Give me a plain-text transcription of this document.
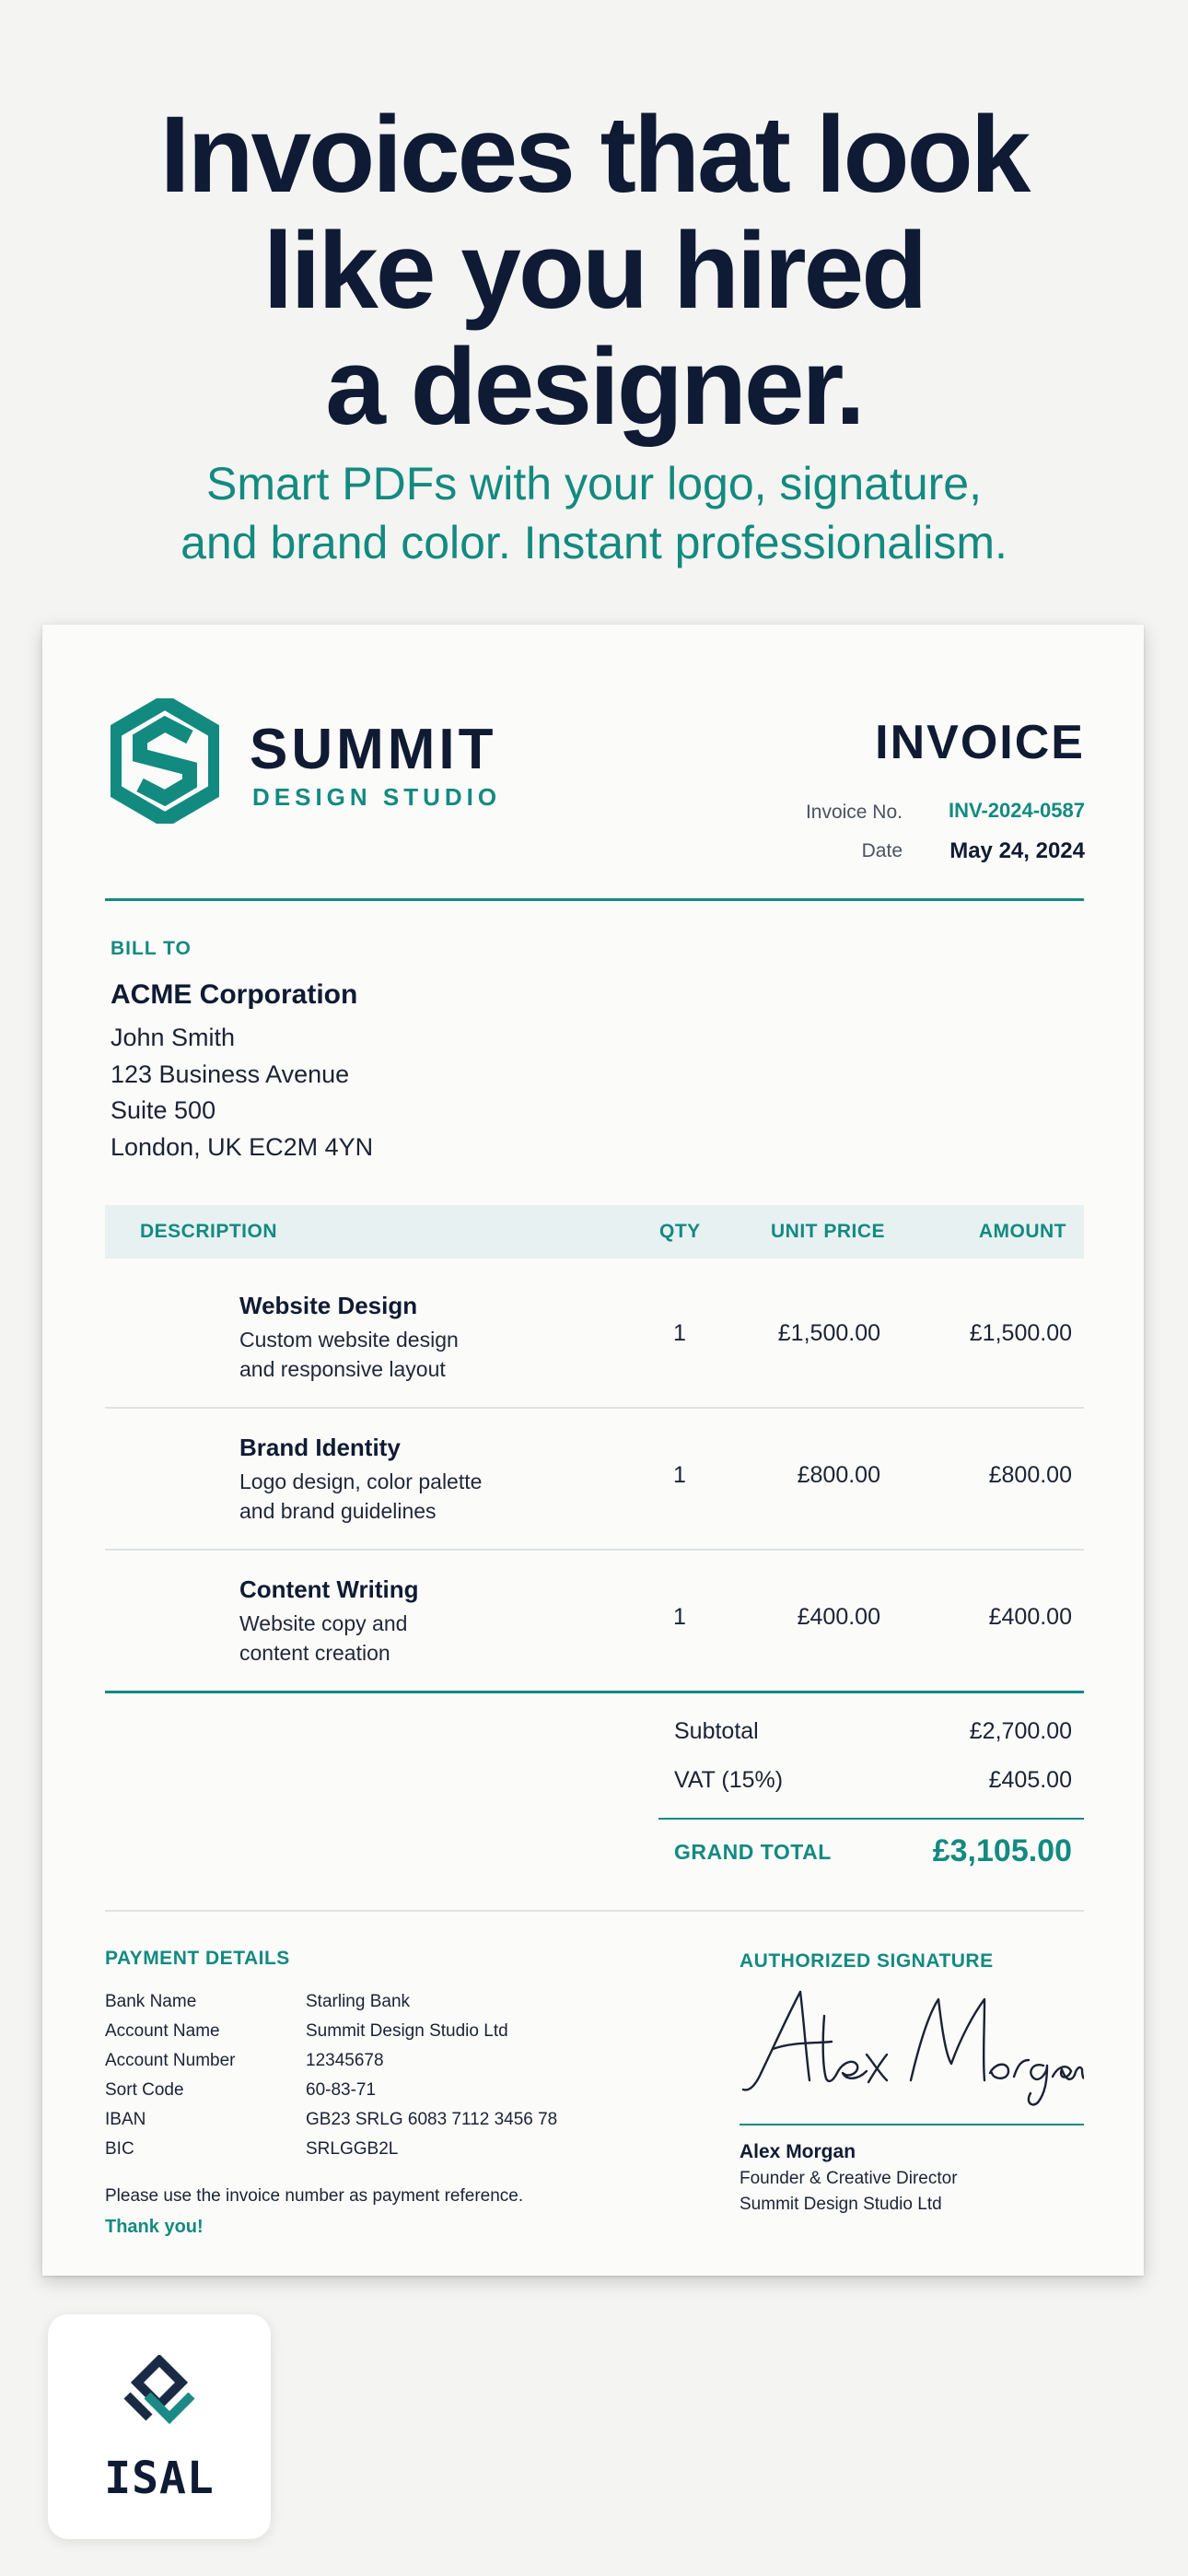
Invoices that look
like you hired
a designer.
Smart PDFs with your logo, signature,
and brand color. Instant professionalism.
SUMMIT
DESIGN STUDIO
INVOICE
Invoice No. INV-2024-0587
Date May 24, 2024
BILL TO
ACME Corporation
John Smith
123 Business Avenue
Suite 500
London, UK EC2M 4YN
DESCRIPTION	QTY	UNIT PRICE	AMOUNT
Website Design
Custom website design
and responsive layout
1	£1,500.00	£1,500.00
Brand Identity
Logo design, color palette
and brand guidelines
1	£800.00	£800.00
Content Writing
Website copy and
content creation
1	£400.00	£400.00
Subtotal	£2,700.00
VAT (15%)	£405.00
GRAND TOTAL	£3,105.00
PAYMENT DETAILS
Bank Name	Starling Bank
Account Name	Summit Design Studio Ltd
Account Number	12345678
Sort Code	60-83-71
IBAN	GB23 SRLG 6083 7112 3456 78
BIC	SRLGGB2L
Please use the invoice number as payment reference.
Thank you!
AUTHORIZED SIGNATURE
Alex Morgan
Founder & Creative Director
Summit Design Studio Ltd
ISAL
